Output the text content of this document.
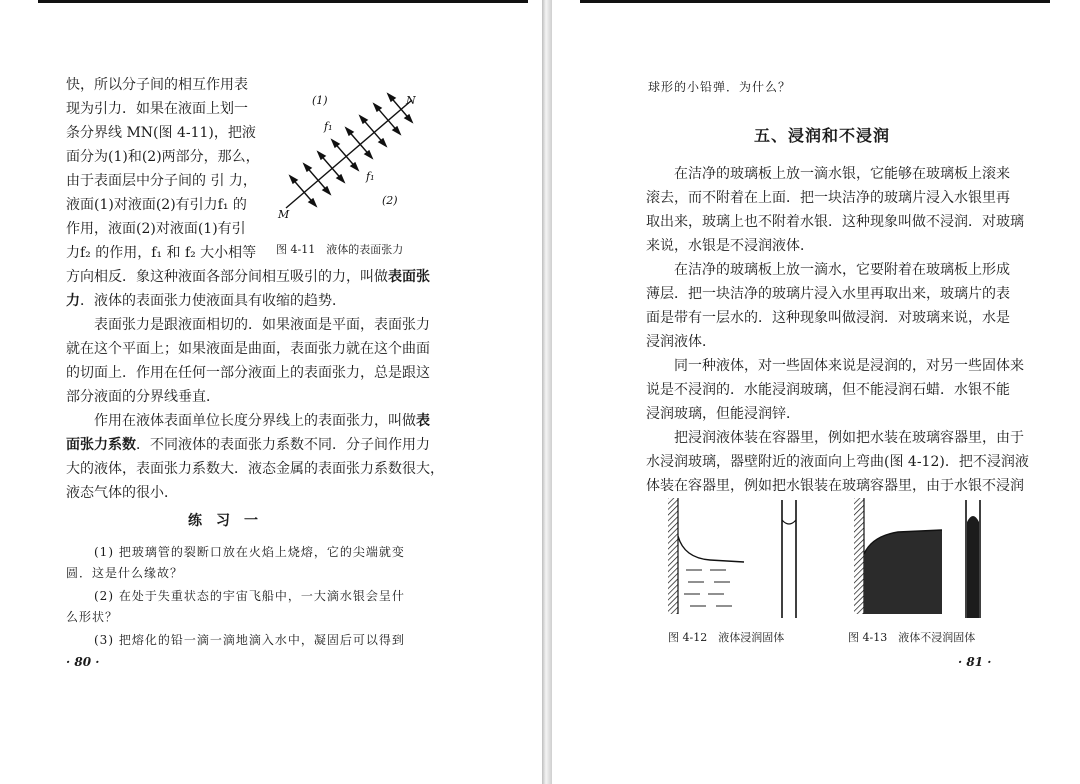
快，所以分子间的相互作用表
现为引力．如果在液面上划一
条分界线 MN(图 4-11)，把液
面分为(1)和(2)两部分，那么，
由于表面层中分子间的 引 力，
液面(1)对液面(2)有引力f₁ 的
作用，液面(2)对液面(1)有引
力f₂ 的作用，f₁ 和 f₂ 大小相等
(1)
(2)
N
M
f₁
f₁
图 4-11　液体的表面张力
方向相反．象这种液面各部分间相互吸引的力，叫做表面张
力．液体的表面张力使液面具有收缩的趋势．
表面张力是跟液面相切的．如果液面是平面，表面张力
就在这个平面上；如果液面是曲面，表面张力就在这个曲面
的切面上．作用在任何一部分液面上的表面张力，总是跟这
部分液面的分界线垂直．
作用在液体表面单位长度分界线上的表面张力，叫做表
面张力系数．不同液体的表面张力系数不同．分子间作用力
大的液体，表面张力系数大．液态金属的表面张力系数很大，
液态气体的很小．
练　习　一
(1) 把玻璃管的裂断口放在火焰上烧熔，它的尖端就变
圆．这是什么缘故？
(2) 在处于失重状态的宇宙飞船中，一大滴水银会呈什
么形状？
(3) 把熔化的铅一滴一滴地滴入水中，凝固后可以得到
· 80 ·
球形的小铅弹．为什么？
五、浸润和不浸润
在洁净的玻璃板上放一滴水银，它能够在玻璃板上滚来
滚去，而不附着在上面．把一块洁净的玻璃片浸入水银里再
取出来，玻璃上也不附着水银．这种现象叫做不浸润．对玻璃
来说，水银是不浸润液体．
在洁净的玻璃板上放一滴水，它要附着在玻璃板上形成
薄层．把一块洁净的玻璃片浸入水里再取出来，玻璃片的表
面是带有一层水的．这种现象叫做浸润．对玻璃来说，水是
浸润液体．
同一种液体，对一些固体来说是浸润的，对另一些固体来
说是不浸润的．水能浸润玻璃，但不能浸润石蜡．水银不能
浸润玻璃，但能浸润锌．
把浸润液体装在容器里，例如把水装在玻璃容器里，由于
水浸润玻璃，器壁附近的液面向上弯曲(图 4-12)．把不浸润液
体装在容器里，例如把水银装在玻璃容器里，由于水银不浸润
图 4-12　液体浸润固体	图 4-13　液体不浸润固体
· 81 ·
